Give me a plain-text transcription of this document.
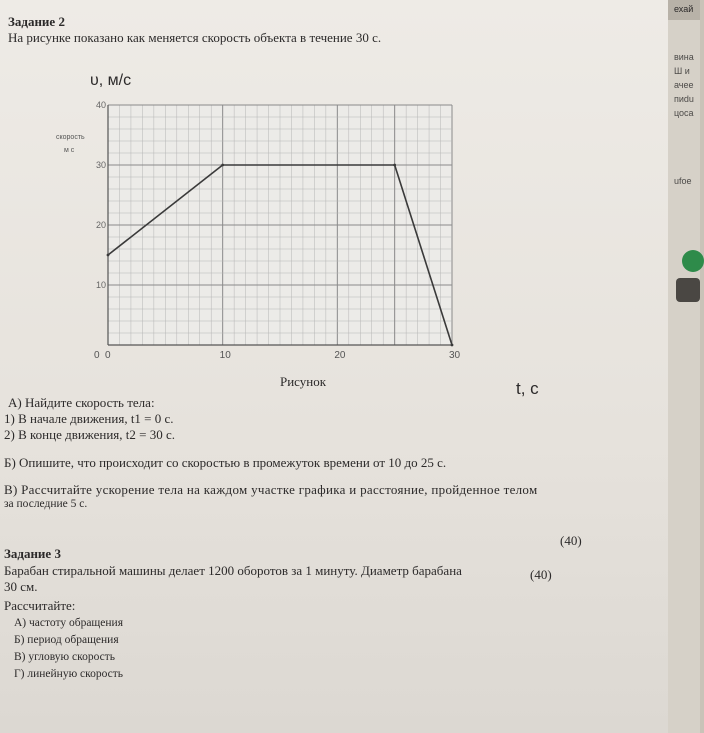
Задание 2
На рисунке показано как меняется скорость объекта в течение 30 с.
10
20
30
40
0	10	20	30
0
υ, м/с
скорость
м с
t, с
Рисунок
А) Найдите скорость тела:
1) В начале движения, t1 = 0 с.
2) В конце движения, t2 = 30 с.
Б) Опишите, что происходит со скоростью в промежуток времени от 10 до 25 с.
В) Рассчитайте ускорение тела на каждом участке графика и расстояние, пройденное телом
за последние 5 с.
(40)
Задание 3
(40)
Барабан стиральной машины делает 1200 оборотов за 1 минуту. Диаметр барабана
30 см.
Рассчитайте:
А) частоту обращения
Б) период обращения
В) угловую скорость
Г) линейную скорость
ехай
вина
Ш и
ачее
пиdu
цоса
ufoe
